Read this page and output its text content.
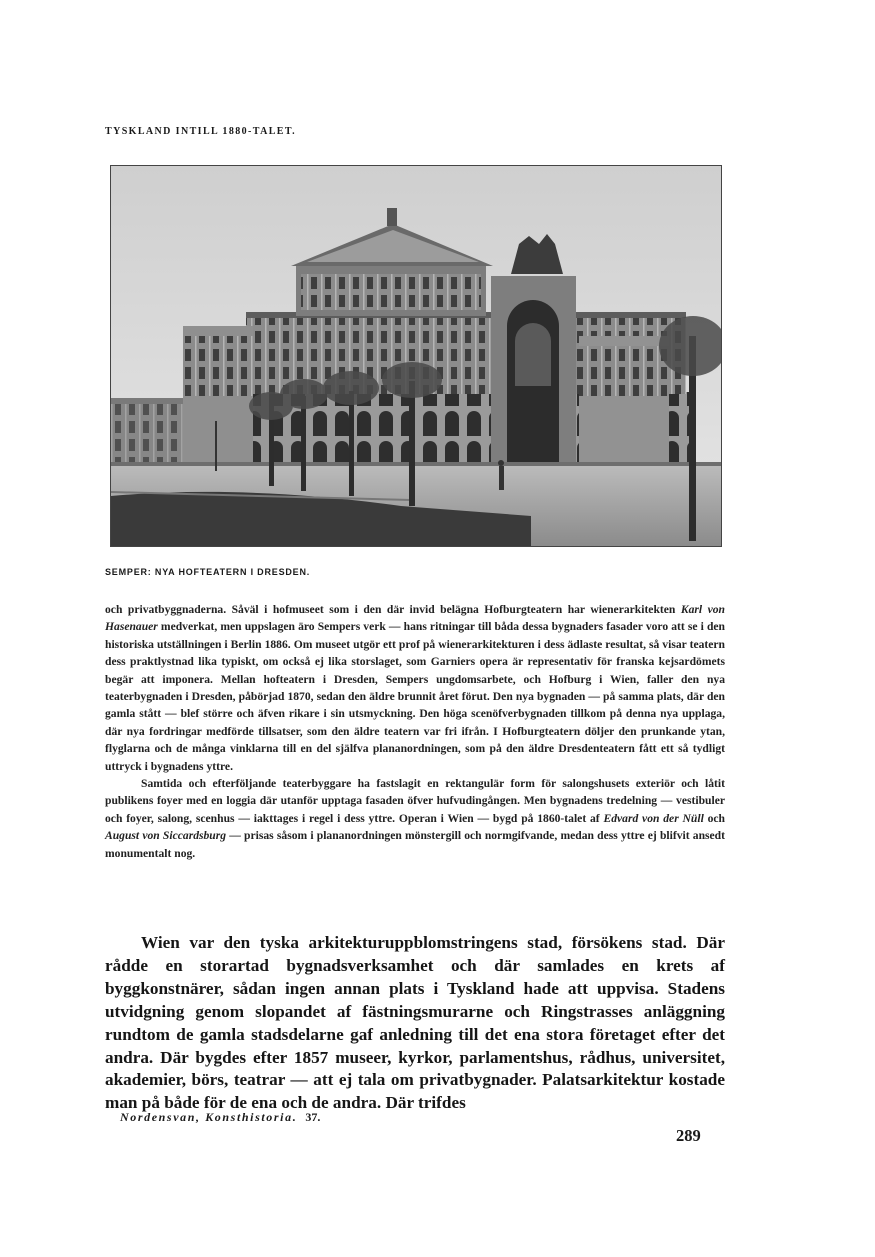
TYSKLAND INTILL 1880-TALET.
SEMPER: NYA HOFTEATERN I DRESDEN.

och privatbyggnaderna. Såväl i hofmuseet som i den där invid belägna Hofburgteatern har wienerarkitekten Karl von Hasenauer medverkat, men uppslagen äro Sempers verk — hans ritningar till båda dessa bygnaders fasader voro att se i den historiska utställningen i Berlin 1886. Om museet utgör ett prof på wienerarkitekturen i dess ädlaste resultat, så visar teatern dess praktlystnad lika typiskt, om också ej lika storslaget, som Garniers opera är representativ för franska kejsardömets begär att imponera. Mellan hofteatern i Dresden, Sempers ungdomsarbete, och Hofburg i Wien, faller den nya teaterbygnaden i Dresden, påbörjad 1870, sedan den äldre brunnit året förut. Den nya bygnaden — på samma plats, där den gamla stått — blef större och äfven rikare i sin utsmyckning. Den höga scenöfverbygnaden tillkom på denna nya upplaga, där nya fordringar medförde tillsatser, som den äldre teatern var fri ifrån. I Hofburgteatern döljer den prunkande ytan, flyglarna och de många vinklarna till en del själfva plananordningen, som på den äldre Dresdenteatern fått ett så tydligt uttryck i bygnadens yttre.

Samtida och efterföljande teaterbyggare ha fastslagit en rektangulär form för salongshusets exteriör och låtit publikens foyer med en loggia där utanför upptaga fasaden öfver hufvudingången. Men bygnadens tredelning — vestibuler och foyer, salong, scenhus — iakttages i regel i dess yttre. Operan i Wien — bygd på 1860-talet af Edvard von der Nüll och August von Siccardsburg — prisas såsom i plananordningen mönstergill och normgifvande, medan dess yttre ej blifvit ansedt monumentalt nog.

Wien var den tyska arkitekturuppblomstringens stad, försökens stad. Där rådde en storartad bygnadsverksamhet och där samlades en krets af byggkonstnärer, sådan ingen annan plats i Tyskland hade att uppvisa. Stadens utvidgning genom slopandet af fästningsmurarne och Ringstrasses anläggning rundtom de gamla stadsdelarne gaf anledning till det ena stora företaget efter det andra. Där bygdes efter 1857 museer, kyrkor, parlamentshus, rådhus, universitet, akademier, börs, teatrar — att ej tala om privatbygnader. Palatsarkitektur kostade man på både för de ena och de andra. Där trifdes

Nordensvan, Konsthistoria. 37.
289
